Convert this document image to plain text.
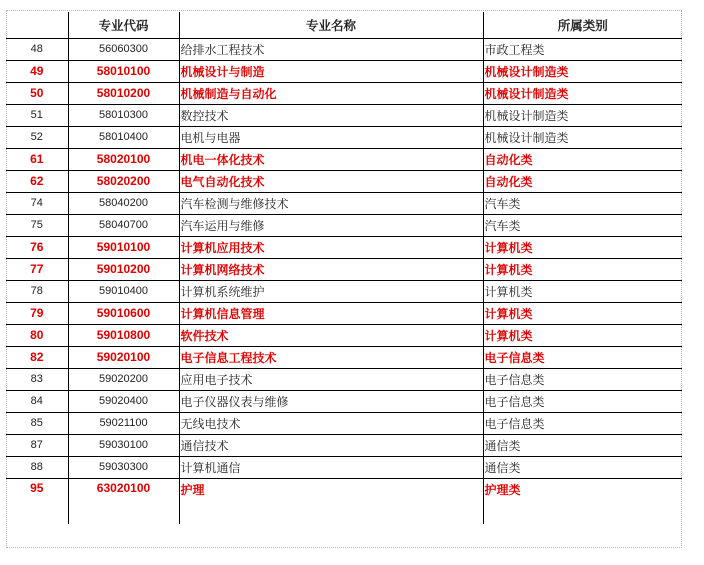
	专业代码	专业名称	所属类别
48	56060300	给排水工程技术	市政工程类
49	58010100	机械设计与制造	机械设计制造类
50	58010200	机械制造与自动化	机械设计制造类
51	58010300	数控技术	机械设计制造类
52	58010400	电机与电器	机械设计制造类
61	58020100	机电一体化技术	自动化类
62	58020200	电气自动化技术	自动化类
74	58040200	汽车检测与维修技术	汽车类
75	58040700	汽车运用与维修	汽车类
76	59010100	计算机应用技术	计算机类
77	59010200	计算机网络技术	计算机类
78	59010400	计算机系统维护	计算机类
79	59010600	计算机信息管理	计算机类
80	59010800	软件技术	计算机类
82	59020100	电子信息工程技术	电子信息类
83	59020200	应用电子技术	电子信息类
84	59020400	电子仪器仪表与维修	电子信息类
85	59021100	无线电技术	电子信息类
87	59030100	通信技术	通信类
88	59030300	计算机通信	通信类
95	63020100	护理	护理类
